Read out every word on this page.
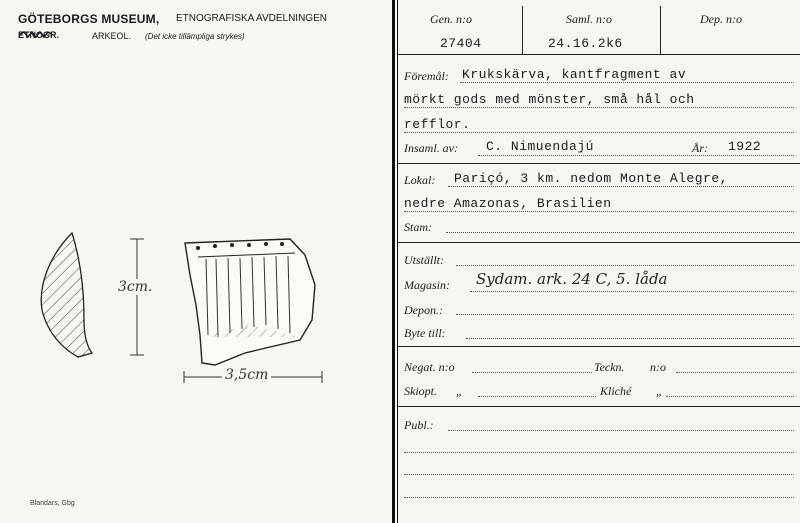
GÖTEBORGS MUSEUM, ETNOGRAFISKA AVDELNINGEN
ETNOGR.	ARKEOL. (Det icke tillämpliga strykes)
3cm.
3,5cm
Blandars, Gbg
Gen. n:o
27404
Saml. n:o
24.16.2k6
Dep. n:o
Föremål: Krukskärva, kantfragment av
mörkt gods med mönster, små hål och
refflor.
Insaml. av: C. Nimuendajú	År: 1922
Lokal: Pariçó, 3 km. nedom Monte Alegre,
nedre Amazonas, Brasilien
Stam:
Utställt:
Magasin: Sydam. ark. 24 C, 5. låda
Depon.:
Byte till:
Negat. n:o	Teckn. n:o
Skiopt. „	Kliché „
Publ.:
